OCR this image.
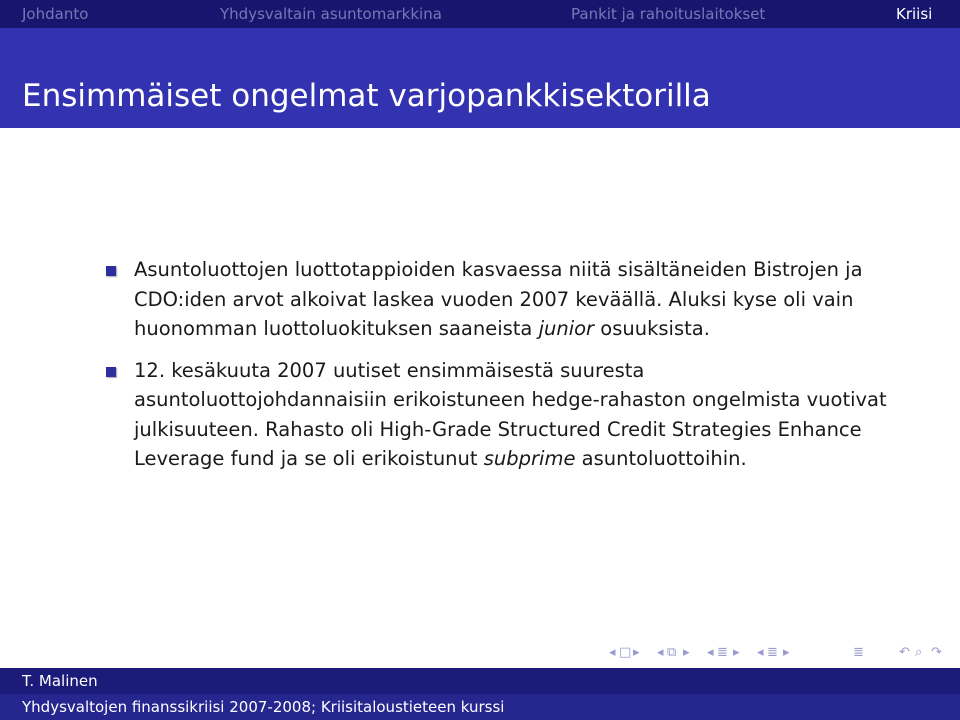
Johdanto	Yhdysvaltain asuntomarkkina	Pankit ja rahoituslaitokset	Kriisi
Ensimmäiset ongelmat varjopankkisektorilla
Asuntoluottojen luottotappioiden kasvaessa niitä sisältäneiden Bistrojen ja CDO:iden arvot alkoivat laskea vuoden 2007 keväällä. Aluksi kyse oli vain huonomman luottoluokituksen saaneista junior osuuksista.
12. kesäkuuta 2007 uutiset ensimmäisestä suuresta asuntoluottojohdannaisiin erikoistuneen hedge-rahaston ongelmista vuotivat julkisuuteen. Rahasto oli High-Grade Structured Credit Strategies Enhance Leverage fund ja se oli erikoistunut subprime asuntoluottoihin.
◂ □ ▸ ◂ ⧉ ▸ ◂ ≣ ▸ ◂ ≣ ▸	≣	↶ ⌕ ↷
T. Malinen
Yhdysvaltojen finanssikriisi 2007-2008; Kriisitaloustieteen kurssi
